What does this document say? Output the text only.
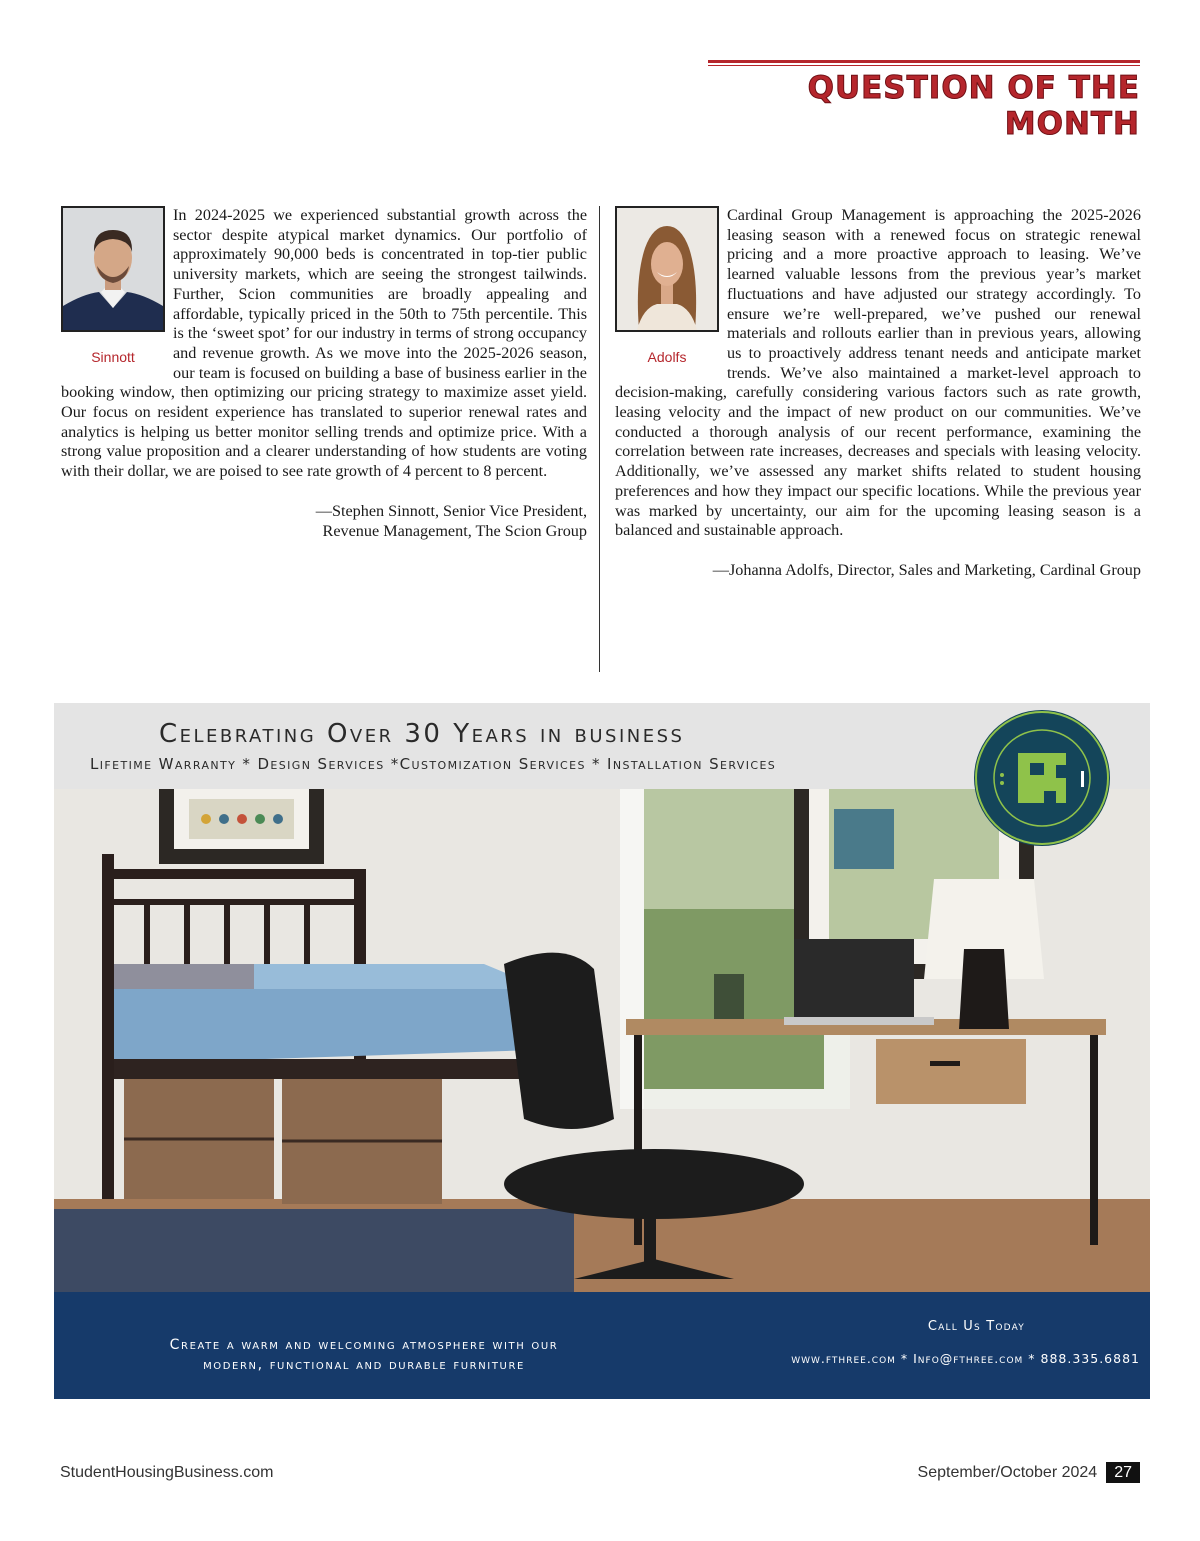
QUESTION OF THE MONTH
Sinnott

In 2024-2025 we experienced substantial growth across the sector despite atypical market dynamics. Our portfolio of approximately 90,000 beds is concentrated in top-tier public university markets, which are seeing the strongest tailwinds. Further, Scion communities are broadly appealing and affordable, typically priced in the 50th to 75th percentile. This is the ‘sweet spot’ for our industry in terms of strong occupancy and revenue growth. As we move into the 2025-2026 season, our team is focused on building a base of business earlier in the booking window, then optimizing our pricing strategy to maximize asset yield. Our focus on resident experience has translated to superior renewal rates and analytics is helping us better monitor selling trends and optimize price. With a strong value proposition and a clearer understanding of how students are voting with their dollar, we are poised to see rate growth of 4 percent to 8 percent.

—Stephen Sinnott, Senior Vice President,
Revenue Management, The Scion Group
Adolfs

Cardinal Group Management is approaching the 2025-2026 leasing season with a renewed focus on strategic renewal pricing and a more proactive approach to leasing. We’ve learned valuable lessons from the previous year’s market fluctuations and have adjusted our strategy accordingly. To ensure we’re well-prepared, we’ve pushed our renewal materials and rollouts earlier than in previous years, allowing us to proactively address tenant needs and anticipate market trends. We’ve also maintained a market-level approach to decision-making, carefully considering various factors such as rate growth, leasing velocity and the impact of new product on our communities. We’ve conducted a thorough analysis of our recent performance, examining the correlation between rate increases, decreases and specials with leasing velocity. Additionally, we’ve assessed any market shifts related to student housing preferences and how they impact our specific locations. While the previous year was marked by uncertainty, our aim for the upcoming leasing season is a balanced and sustainable approach.

—Johanna Adolfs, Director, Sales and Marketing, Cardinal Group
Celebrating Over 30 Years in business
Lifetime Warranty * Design Services *Customization Services * Installation Services
Create a warm and welcoming atmosphere with our
modern, functional and durable furniture
Call Us Today
www.fthree.com * Info@fthree.com * 888.335.6881
StudentHousingBusiness.com	September/October 2024	27
